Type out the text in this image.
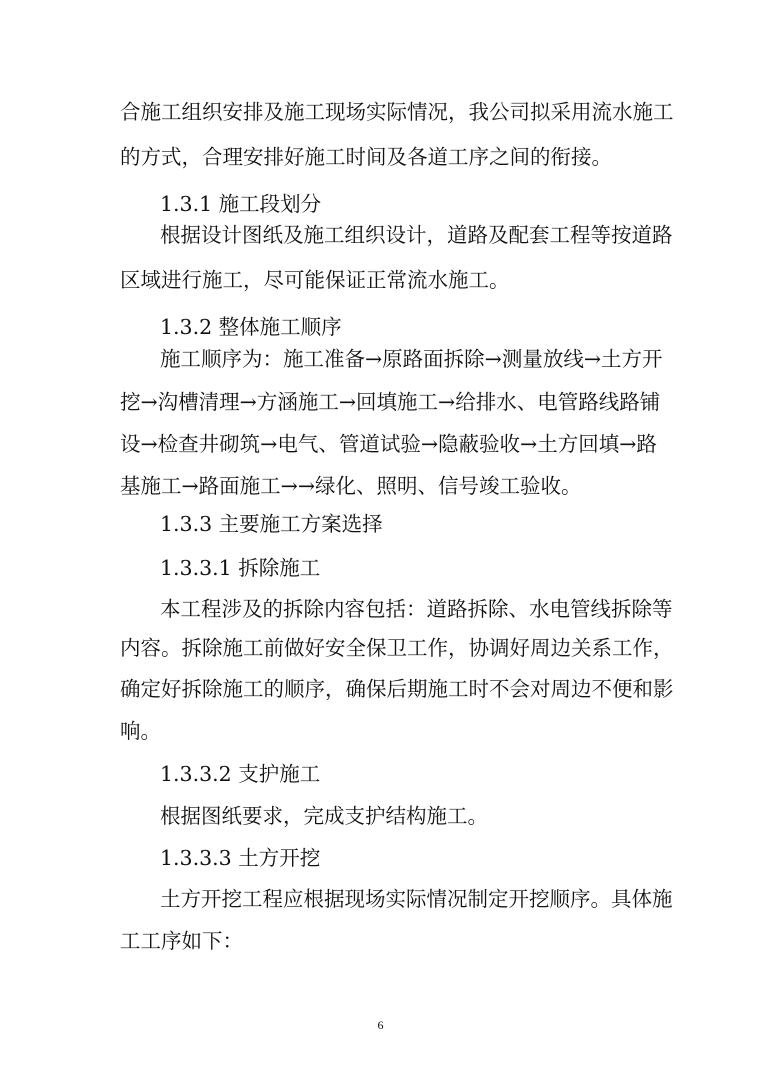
合施工组织安排及施工现场实际情况，我公司拟采用流水施工
的方式，合理安排好施工时间及各道工序之间的衔接。
1.3.1 施工段划分
根据设计图纸及施工组织设计，道路及配套工程等按道路
区域进行施工，尽可能保证正常流水施工。
1.3.2 整体施工顺序
施工顺序为：施工准备→原路面拆除→测量放线→土方开
挖→沟槽清理→方涵施工→回填施工→给排水、电管路线路铺
设→检查井砌筑→电气、管道试验→隐蔽验收→土方回填→路
基施工→路面施工→→绿化、照明、信号竣工验收。
1.3.3 主要施工方案选择
1.3.3.1 拆除施工
本工程涉及的拆除内容包括：道路拆除、水电管线拆除等
内容。拆除施工前做好安全保卫工作，协调好周边关系工作，
确定好拆除施工的顺序，确保后期施工时不会对周边不便和影
响。
1.3.3.2 支护施工
根据图纸要求，完成支护结构施工。
1.3.3.3 土方开挖
土方开挖工程应根据现场实际情况制定开挖顺序。具体施
工工序如下：
6
